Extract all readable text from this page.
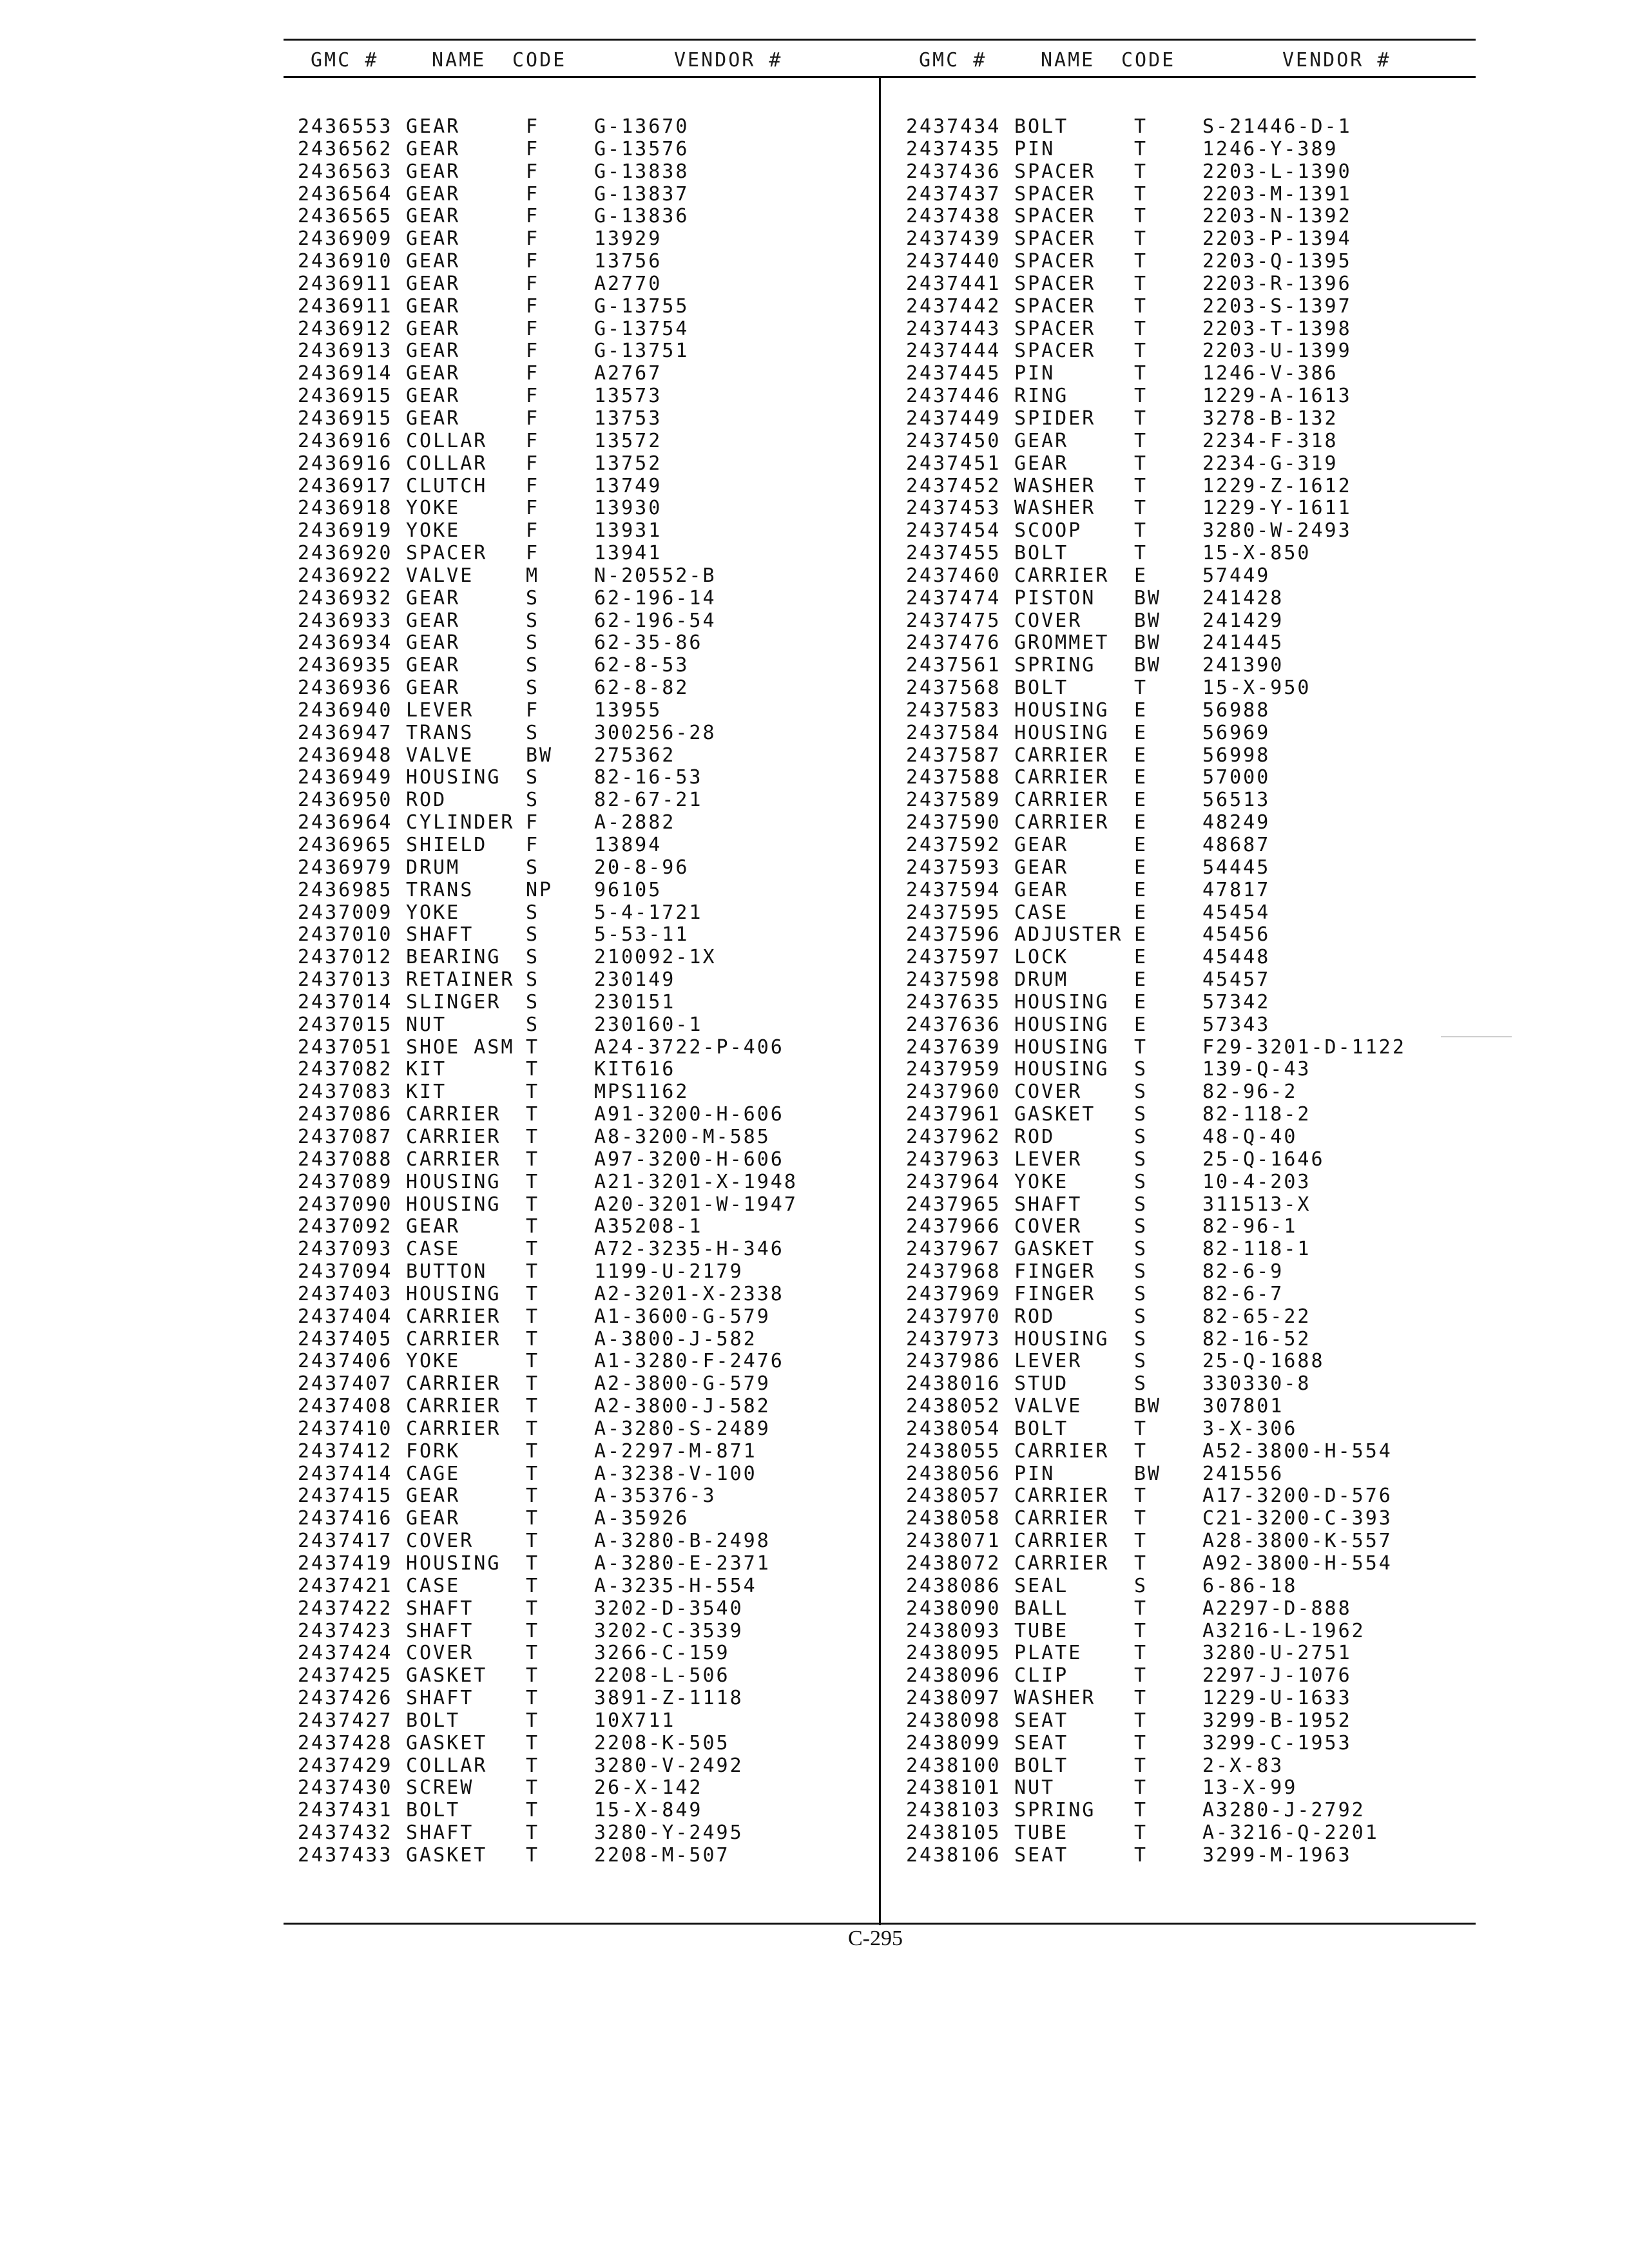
GMC #	NAME CODE	VENDOR #	GMC #	NAME CODE	VENDOR #
2436553 GEAR	F	G-13670
2436562 GEAR	F	G-13576
2436563 GEAR	F	G-13838
2436564 GEAR	F	G-13837
2436565 GEAR	F	G-13836
2436909 GEAR	F	13929
2436910 GEAR	F	13756
2436911 GEAR	F	A2770
2436911 GEAR	F	G-13755
2436912 GEAR	F	G-13754
2436913 GEAR	F	G-13751
2436914 GEAR	F	A2767
2436915 GEAR	F	13573
2436915 GEAR	F	13753
2436916 COLLAR F	13572
2436916 COLLAR F	13752
2436917 CLUTCH F	13749
2436918 YOKE	F	13930
2436919 YOKE	F	13931
2436920 SPACER F	13941
2436922 VALVE	M	N-20552-B
2436932 GEAR	S	62-196-14
2436933 GEAR	S	62-196-54
2436934 GEAR	S	62-35-86
2436935 GEAR	S	62-8-53
2436936 GEAR	S	62-8-82
2436940 LEVER	F	13955
2436947 TRANS	S	300256-28
2436948 VALVE	BW 275362
2436949 HOUSING S	82-16-53
2436950 ROD	S	82-67-21
2436964 CYLINDER F	A-2882
2436965 SHIELD F	13894
2436979 DRUM	S	20-8-96
2436985 TRANS	NP 96105
2437009 YOKE	S	5-4-1721
2437010 SHAFT	S	5-53-11
2437012 BEARING S	210092-1X
2437013 RETAINER S	230149
2437014 SLINGER S	230151
2437015 NUT	S	230160-1
2437051 SHOE ASM T	A24-3722-P-406
2437082 KIT	T	KIT616
2437083 KIT	T	MPS1162
2437086 CARRIER T	A91-3200-H-606
2437087 CARRIER T	A8-3200-M-585
2437088 CARRIER T	A97-3200-H-606
2437089 HOUSING T	A21-3201-X-1948
2437090 HOUSING T	A20-3201-W-1947
2437092 GEAR	T	A35208-1
2437093 CASE	T	A72-3235-H-346
2437094 BUTTON T	1199-U-2179
2437403 HOUSING T	A2-3201-X-2338
2437404 CARRIER T	A1-3600-G-579
2437405 CARRIER T	A-3800-J-582
2437406 YOKE	T	A1-3280-F-2476
2437407 CARRIER T	A2-3800-G-579
2437408 CARRIER T	A2-3800-J-582
2437410 CARRIER T	A-3280-S-2489
2437412 FORK	T	A-2297-M-871
2437414 CAGE	T	A-3238-V-100
2437415 GEAR	T	A-35376-3
2437416 GEAR	T	A-35926
2437417 COVER	T	A-3280-B-2498
2437419 HOUSING T	A-3280-E-2371
2437421 CASE	T	A-3235-H-554
2437422 SHAFT	T	3202-D-3540
2437423 SHAFT	T	3202-C-3539
2437424 COVER	T	3266-C-159
2437425 GASKET T	2208-L-506
2437426 SHAFT	T	3891-Z-1118
2437427 BOLT	T	10X711
2437428 GASKET T	2208-K-505
2437429 COLLAR T	3280-V-2492
2437430 SCREW	T	26-X-142
2437431 BOLT	T	15-X-849
2437432 SHAFT	T	3280-Y-2495
2437433 GASKET T	2208-M-507
2437434 BOLT	T	S-21446-D-1
2437435 PIN	T	1246-Y-389
2437436 SPACER T	2203-L-1390
2437437 SPACER T	2203-M-1391
2437438 SPACER T	2203-N-1392
2437439 SPACER T	2203-P-1394
2437440 SPACER T	2203-Q-1395
2437441 SPACER T	2203-R-1396
2437442 SPACER T	2203-S-1397
2437443 SPACER T	2203-T-1398
2437444 SPACER T	2203-U-1399
2437445 PIN	T	1246-V-386
2437446 RING	T	1229-A-1613
2437449 SPIDER T	3278-B-132
2437450 GEAR	T	2234-F-318
2437451 GEAR	T	2234-G-319
2437452 WASHER T	1229-Z-1612
2437453 WASHER T	1229-Y-1611
2437454 SCOOP	T	3280-W-2493
2437455 BOLT	T	15-X-850
2437460 CARRIER E	57449
2437474 PISTON BW 241428
2437475 COVER	BW 241429
2437476 GROMMET BW 241445
2437561 SPRING BW 241390
2437568 BOLT	T	15-X-950
2437583 HOUSING E	56988
2437584 HOUSING E	56969
2437587 CARRIER E	56998
2437588 CARRIER E	57000
2437589 CARRIER E	56513
2437590 CARRIER E	48249
2437592 GEAR	E	48687
2437593 GEAR	E	54445
2437594 GEAR	E	47817
2437595 CASE	E	45454
2437596 ADJUSTER E	45456
2437597 LOCK	E	45448
2437598 DRUM	E	45457
2437635 HOUSING E	57342
2437636 HOUSING E	57343
2437639 HOUSING T	F29-3201-D-1122
2437959 HOUSING S	139-Q-43
2437960 COVER	S	82-96-2
2437961 GASKET S	82-118-2
2437962 ROD	S	48-Q-40
2437963 LEVER	S	25-Q-1646
2437964 YOKE	S	10-4-203
2437965 SHAFT	S	311513-X
2437966 COVER	S	82-96-1
2437967 GASKET S	82-118-1
2437968 FINGER S	82-6-9
2437969 FINGER S	82-6-7
2437970 ROD	S	82-65-22
2437973 HOUSING S	82-16-52
2437986 LEVER	S	25-Q-1688
2438016 STUD	S	330330-8
2438052 VALVE	BW 307801
2438054 BOLT	T	3-X-306
2438055 CARRIER T	A52-3800-H-554
2438056 PIN	BW 241556
2438057 CARRIER T	A17-3200-D-576
2438058 CARRIER T	C21-3200-C-393
2438071 CARRIER T	A28-3800-K-557
2438072 CARRIER T	A92-3800-H-554
2438086 SEAL	S	6-86-18
2438090 BALL	T	A2297-D-888
2438093 TUBE	T	A3216-L-1962
2438095 PLATE	T	3280-U-2751
2438096 CLIP	T	2297-J-1076
2438097 WASHER T	1229-U-1633
2438098 SEAT	T	3299-B-1952
2438099 SEAT	T	3299-C-1953
2438100 BOLT	T	2-X-83
2438101 NUT	T	13-X-99
2438103 SPRING T	A3280-J-2792
2438105 TUBE	T	A-3216-Q-2201
2438106 SEAT	T	3299-M-1963
C-295
